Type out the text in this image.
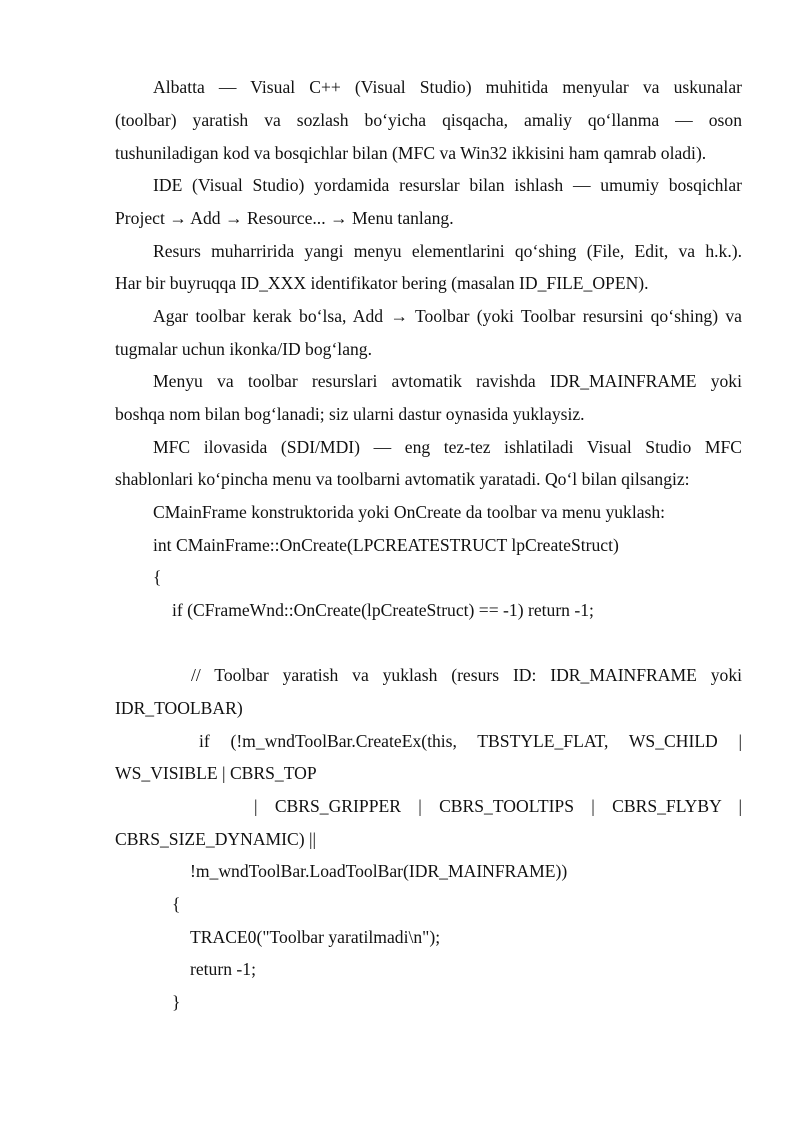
Albatta — Visual C++ (Visual Studio) muhitida menyular va uskunalar
(toolbar) yaratish va sozlash bo‘yicha qisqacha, amaliy qo‘llanma — oson
tushuniladigan kod va bosqichlar bilan (MFC va Win32 ikkisini ham qamrab oladi).
IDE (Visual Studio) yordamida resurslar bilan ishlash — umumiy bosqichlar
Project → Add → Resource... → Menu tanlang.
Resurs muharririda yangi menyu elementlarini qo‘shing (File, Edit, va h.k.).
Har bir buyruqqa ID_XXX identifikator bering (masalan ID_FILE_OPEN).
Agar toolbar kerak bo‘lsa, Add → Toolbar (yoki Toolbar resursini qo‘shing) va
tugmalar uchun ikonka/ID bog‘lang.
Menyu va toolbar resurslari avtomatik ravishda IDR_MAINFRAME yoki
boshqa nom bilan bog‘lanadi; siz ularni dastur oynasida yuklaysiz.
MFC ilovasida (SDI/MDI) — eng tez-tez ishlatiladi Visual Studio MFC
shablonlari ko‘pincha menu va toolbarni avtomatik yaratadi. Qo‘l bilan qilsangiz:
CMainFrame konstruktorida yoki OnCreate da toolbar va menu yuklash:
int CMainFrame::OnCreate(LPCREATESTRUCT lpCreateStruct)
{
if (CFrameWnd::OnCreate(lpCreateStruct) == -1) return -1;
// Toolbar yaratish va yuklash (resurs ID: IDR_MAINFRAME yoki
IDR_TOOLBAR)
if (!m_wndToolBar.CreateEx(this, TBSTYLE_FLAT, WS_CHILD |
WS_VISIBLE | CBRS_TOP
| CBRS_GRIPPER | CBRS_TOOLTIPS | CBRS_FLYBY |
CBRS_SIZE_DYNAMIC) ||
!m_wndToolBar.LoadToolBar(IDR_MAINFRAME))
{
TRACE0("Toolbar yaratilmadi\n");
return -1;
}
